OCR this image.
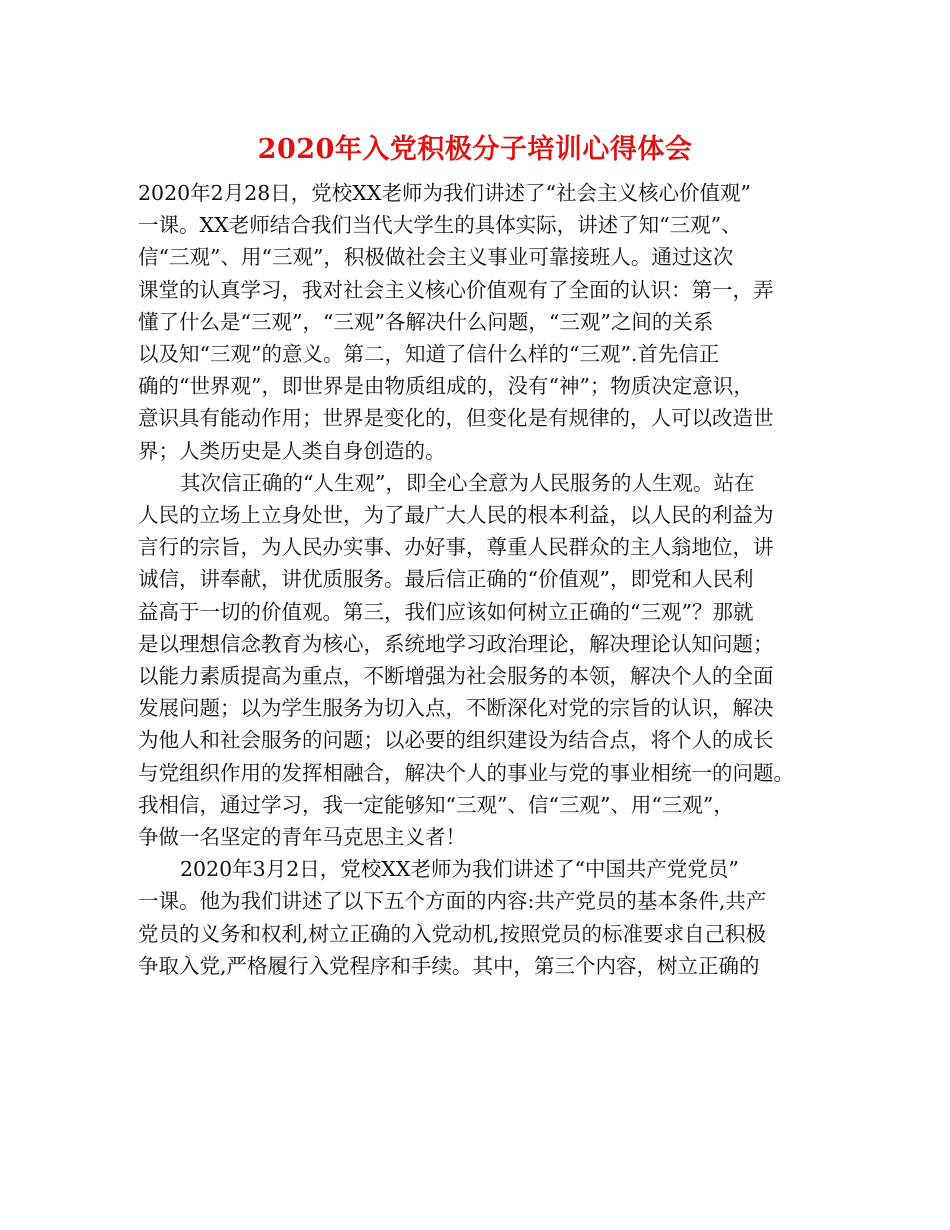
2020年入党积极分子培训心得体会
2020年2月28日，党校XX老师为我们讲述了“社会主义核心价值观”
一课。XX老师结合我们当代大学生的具体实际，讲述了知“三观”、
信“三观”、用“三观”，积极做社会主义事业可靠接班人。通过这次
课堂的认真学习，我对社会主义核心价值观有了全面的认识：第一，弄
懂了什么是“三观”，“三观”各解决什么问题，“三观”之间的关系
以及知“三观”的意义。第二，知道了信什么样的“三观”.首先信正
确的“世界观”，即世界是由物质组成的，没有“神”；物质决定意识，
意识具有能动作用；世界是变化的，但变化是有规律的，人可以改造世
界；人类历史是人类自身创造的。
其次信正确的“人生观”，即全心全意为人民服务的人生观。站在
人民的立场上立身处世，为了最广大人民的根本利益，以人民的利益为
言行的宗旨，为人民办实事、办好事，尊重人民群众的主人翁地位，讲
诚信，讲奉献，讲优质服务。最后信正确的“价值观”，即党和人民利
益高于一切的价值观。第三，我们应该如何树立正确的“三观”？那就
是以理想信念教育为核心，系统地学习政治理论，解决理论认知问题；
以能力素质提高为重点，不断增强为社会服务的本领，解决个人的全面
发展问题；以为学生服务为切入点，不断深化对党的宗旨的认识，解决
为他人和社会服务的问题；以必要的组织建设为结合点，将个人的成长
与党组织作用的发挥相融合，解决个人的事业与党的事业相统一的问题。
我相信，通过学习，我一定能够知“三观”、信“三观”、用“三观”，
争做一名坚定的青年马克思主义者！
2020年3月2日，党校XX老师为我们讲述了“中国共产党党员”
一课。他为我们讲述了以下五个方面的内容:共产党员的基本条件,共产
党员的义务和权利,树立正确的入党动机,按照党员的标准要求自己积极
争取入党,严格履行入党程序和手续。其中，第三个内容，树立正确的
